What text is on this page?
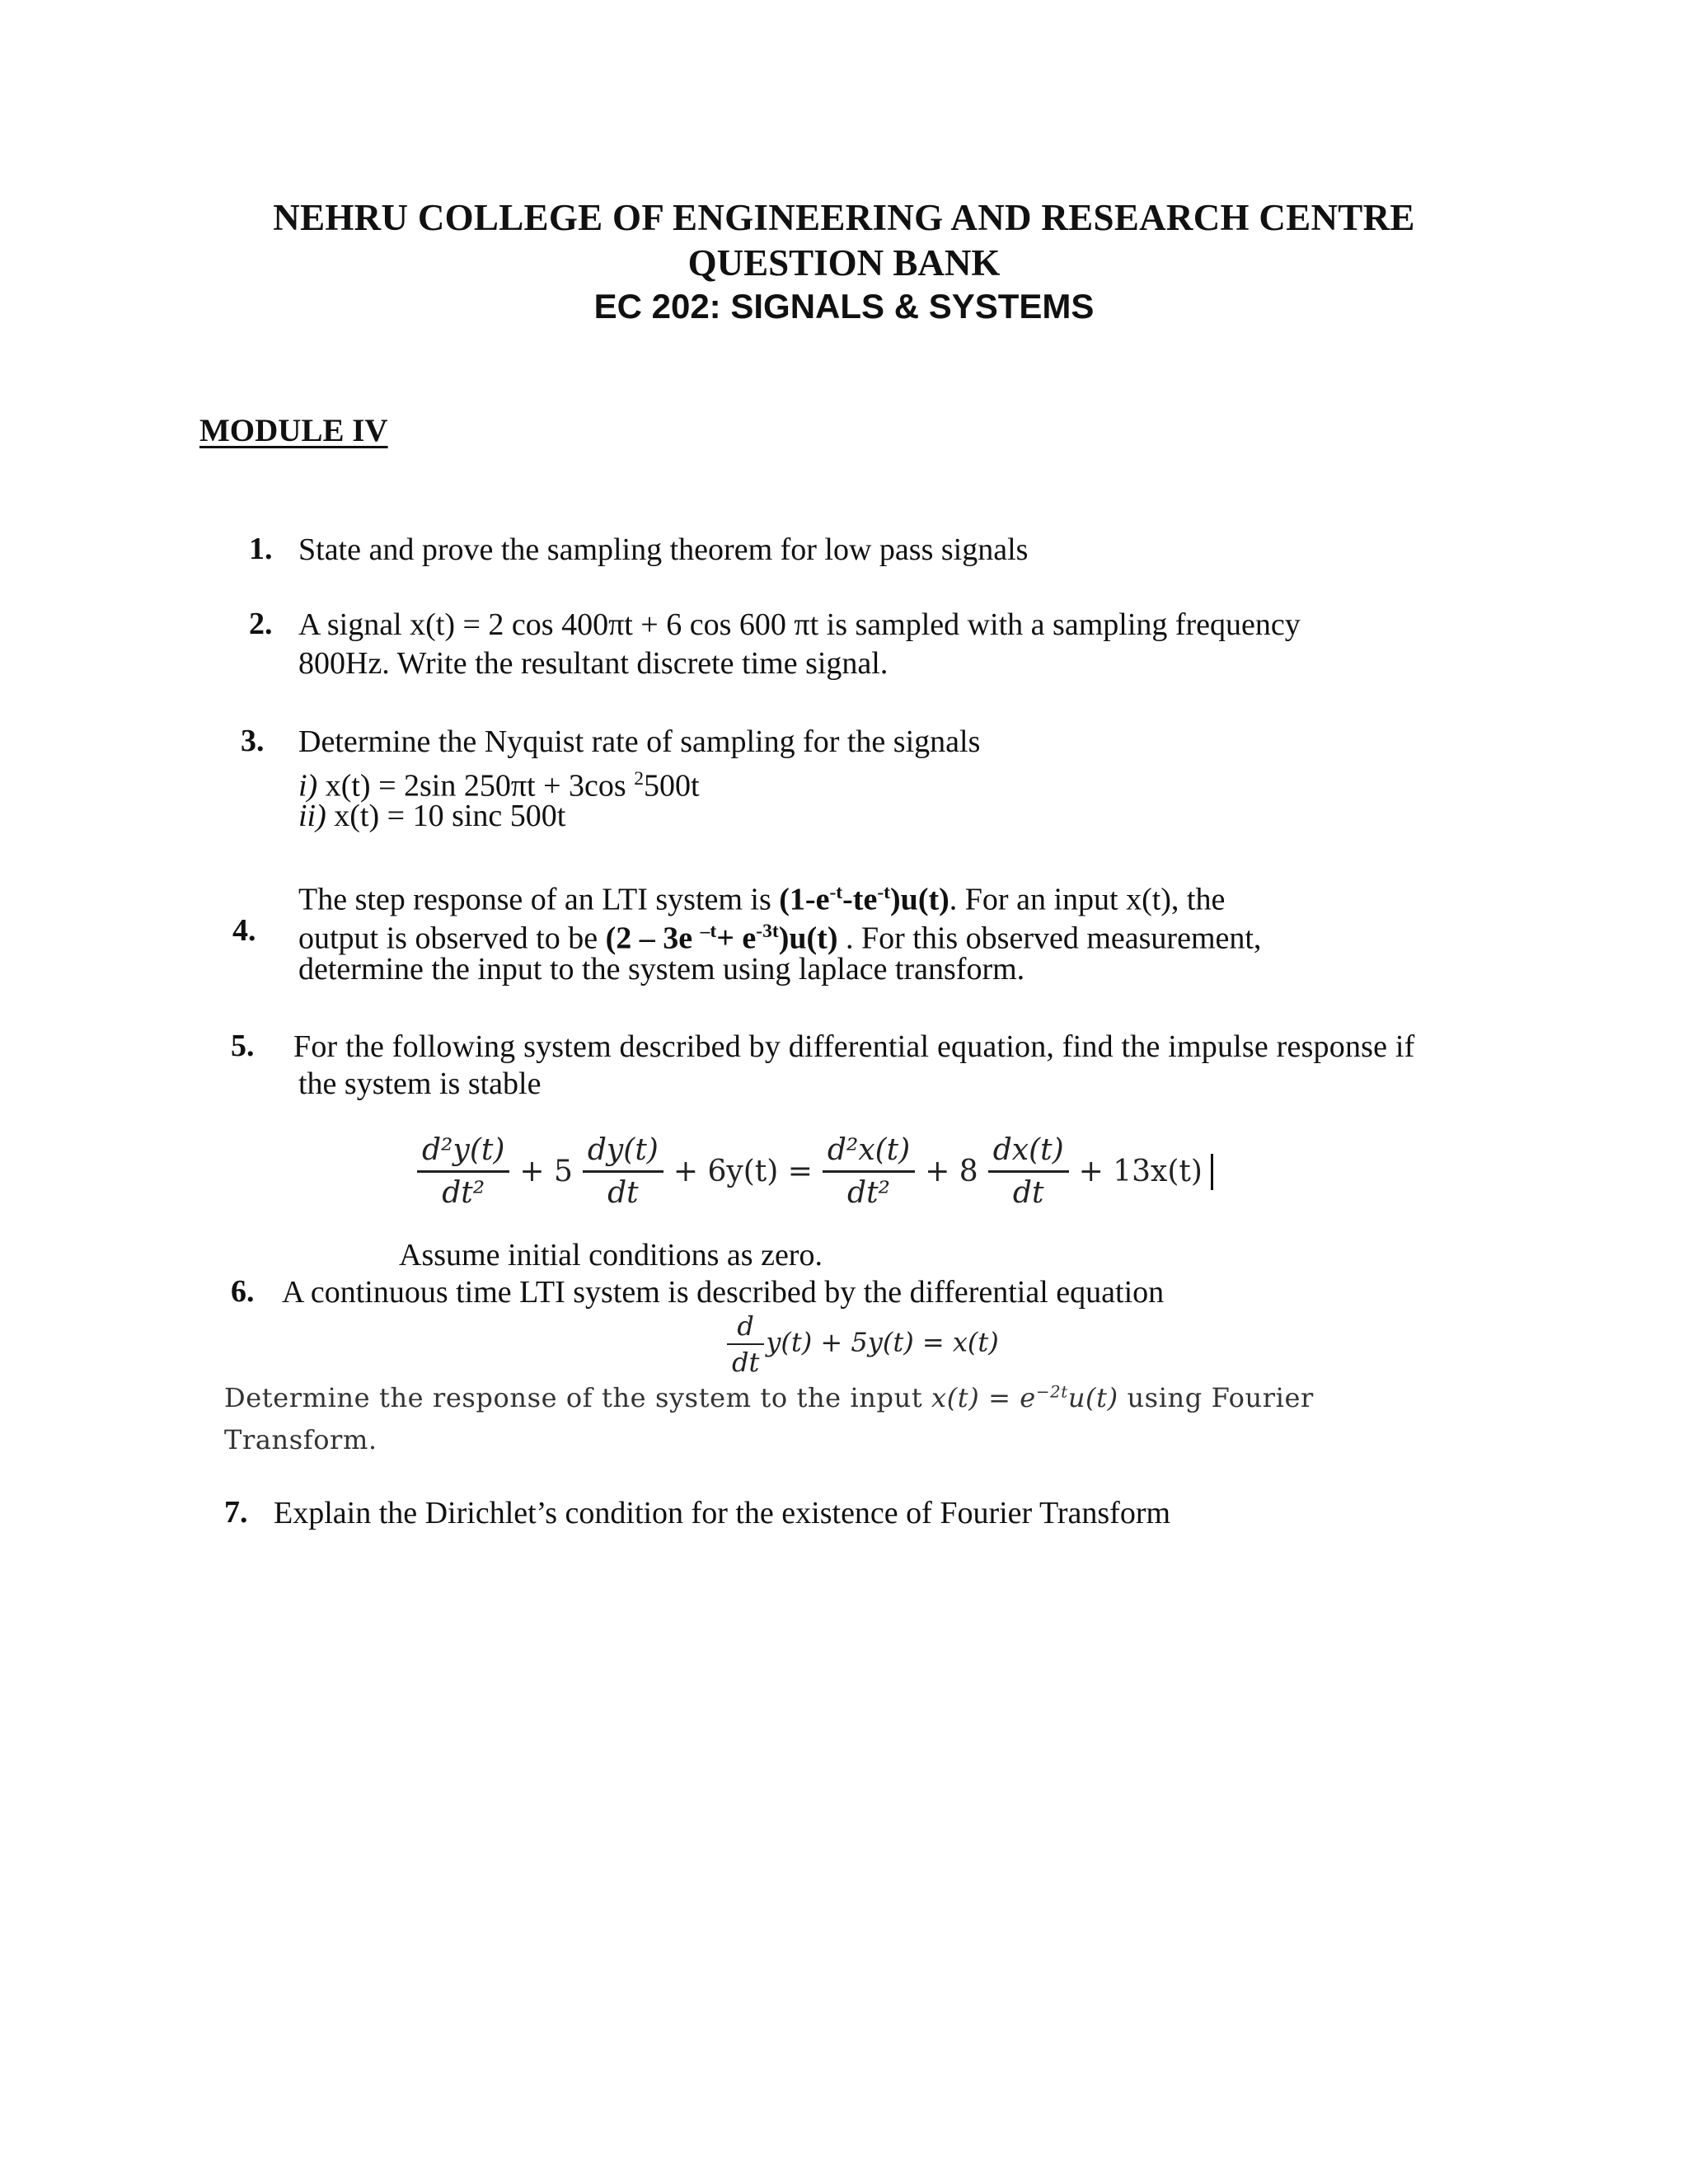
NEHRU COLLEGE OF ENGINEERING AND RESEARCH CENTRE
QUESTION BANK
EC 202: SIGNALS & SYSTEMS
MODULE IV
1. State and prove the sampling theorem for low pass signals
2. A signal x(t) = 2 cos 400πt + 6 cos 600 πt is sampled with a sampling frequency
800Hz. Write the resultant discrete time signal.
3. Determine the Nyquist rate of sampling for the signals
i) x(t) = 2sin 250πt + 3cos $^2$500t
ii) x(t) = 10 sinc 500t
4.
The step response of an LTI system is $(1-e^{-t}-te^{-t})u(t)$. For an input x(t), the
output is observed to be (2 – 3e $^{-t}+ e^{-3t})u(t)$ . For this observed measurement,
determine the input to the system using laplace transform.
5. For the following system described by differential equation, find the impulse response if
the system is stable
$\frac{\text{d²y(t)}}{\text{dt²}} + 5 \frac{dy(t)}{dt} + 6y(t) = \frac{\text{d²x(t)}}{\text{dt²}} + 8 \frac{dx(t)}{dt} + 13x(t)$
Assume initial conditions as zero.
6. A continuous time LTI system is described by the differential equation
$\frac{d}{dt} y(t) + 5y(t) = x(t)$
Determine the response of the system to the input $x(t) = e^{-2t}u(t)$ using Fourier
Transform.
7. Explain the Dirichlet’s condition for the existence of Fourier Transform
